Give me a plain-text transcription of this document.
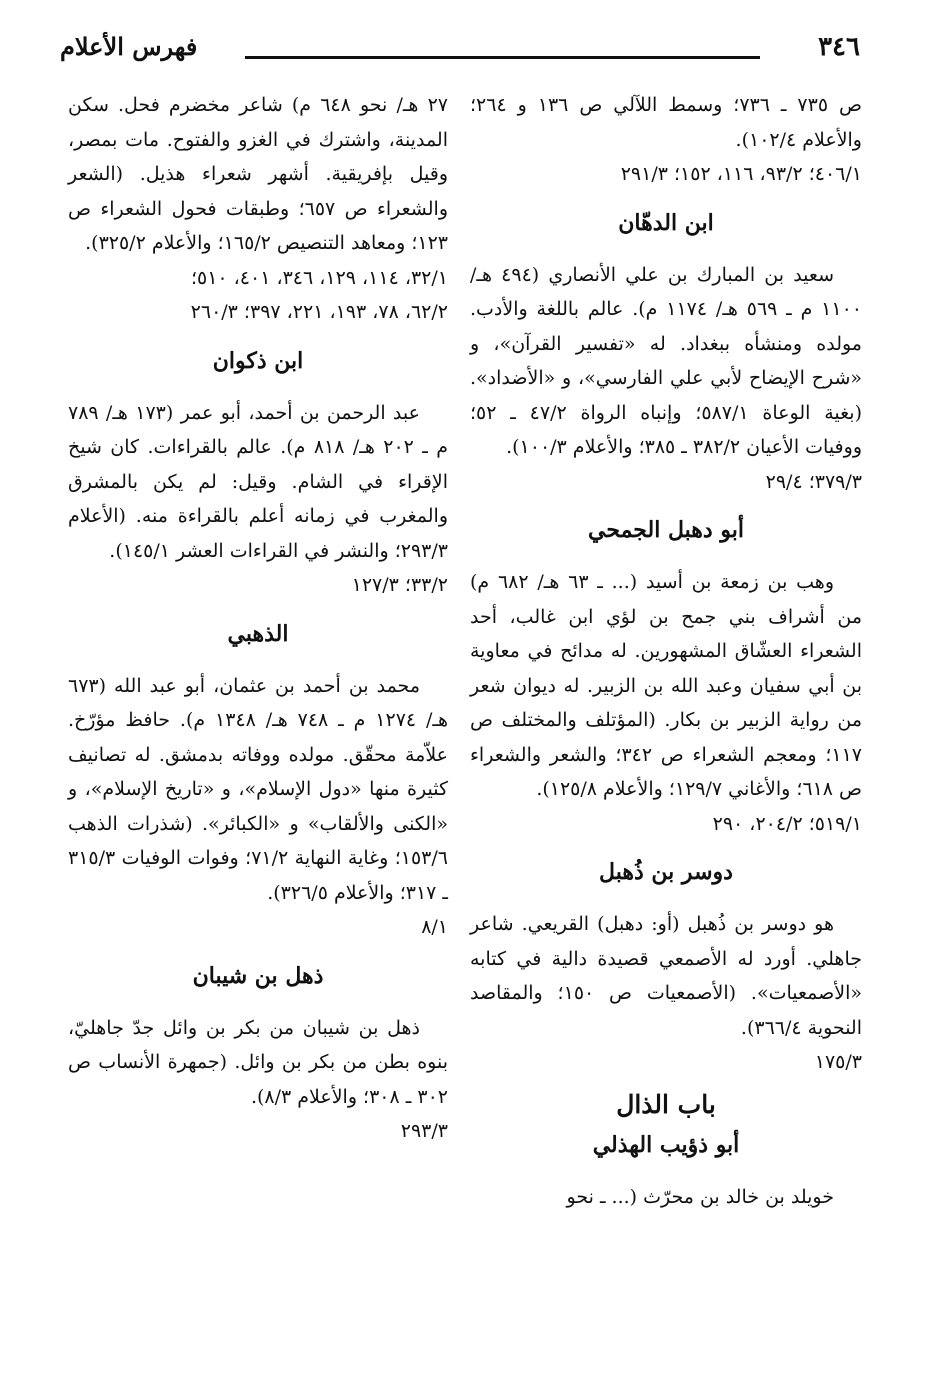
٣٤٦
فهرس الأعلام

ص ٧٣٥ ـ ٧٣٦؛ وسمط اللآلي ص ١٣٦ و ٢٦٤؛ والأعلام ١٠٢/٤).

٤٠٦/١؛ ٩٣/٢، ١١٦، ١٥٢؛ ٢٩١/٣

ابن الدهّان

سعيد بن المبارك بن علي الأنصاري (٤٩٤ هـ/ ١١٠٠ م ـ ٥٦٩ هـ/ ١١٧٤ م). عالم باللغة والأدب. مولده ومنشأه ببغداد. له «تفسير القرآن»، و «شرح الإيضاح لأبي علي الفارسي»، و «الأضداد». (بغية الوعاة ٥٨٧/١؛ وإنباه الرواة ٤٧/٢ ـ ٥٢؛ ووفيات الأعيان ٣٨٢/٢ ـ ٣٨٥؛ والأعلام ١٠٠/٣).

٣٧٩/٣؛ ٢٩/٤

أبو دهبل الجمحي

وهب بن زمعة بن أسيد (... ـ ٦٣ هـ/ ٦٨٢ م) من أشراف بني جمح بن لؤي ابن غالب، أحد الشعراء العشّاق المشهورين. له مدائح في معاوية بن أبي سفيان وعبد الله بن الزبير. له ديوان شعر من رواية الزبير بن بكار. (المؤتلف والمختلف ص ١١٧؛ ومعجم الشعراء ص ٣٤٢؛ والشعر والشعراء ص ٦١٨؛ والأغاني ١٢٩/٧؛ والأعلام ١٢٥/٨).

٥١٩/١؛ ٢٠٤/٢، ٢٩٠

دوسر بن ذُهبل

هو دوسر بن ذُهبل (أو: دهبل) القريعي. شاعر جاهلي. أورد له الأصمعي قصيدة دالية في كتابه «الأصمعيات». (الأصمعيات ص ١٥٠؛ والمقاصد النحوية ٣٦٦/٤).

١٧٥/٣

باب الذال
أبو ذؤيب الهذلي

خويلد بن خالد بن محرّث (... ـ نحو

٢٧ هـ/ نحو ٦٤٨ م) شاعر مخضرم فحل. سكن المدينة، واشترك في الغزو والفتوح. مات بمصر، وقيل بإفريقية. أشهر شعراء هذيل. (الشعر والشعراء ص ٦٥٧؛ وطبقات فحول الشعراء ص ١٢٣؛ ومعاهد التنصيص ١٦٥/٢؛ والأعلام ٣٢٥/٢).

٣٢/١، ١١٤، ١٢٩، ٣٤٦، ٤٠١، ٥١٠؛

٦٢/٢، ٧٨، ١٩٣، ٢٢١، ٣٩٧؛ ٢٦٠/٣

ابن ذكوان

عبد الرحمن بن أحمد، أبو عمر (١٧٣ هـ/ ٧٨٩ م ـ ٢٠٢ هـ/ ٨١٨ م). عالم بالقراءات. كان شيخ الإقراء في الشام. وقيل: لم يكن بالمشرق والمغرب في زمانه أعلم بالقراءة منه. (الأعلام ٢٩٣/٣؛ والنشر في القراءات العشر ١٤٥/١).

٣٣/٢؛ ١٢٧/٣

الذهبي

محمد بن أحمد بن عثمان، أبو عبد الله (٦٧٣ هـ/ ١٢٧٤ م ـ ٧٤٨ هـ/ ١٣٤٨ م). حافظ مؤرّخ. علاّمة محقّق. مولده ووفاته بدمشق. له تصانيف كثيرة منها «دول الإسلام»، و «تاريخ الإسلام»، و «الكنى والألقاب» و «الكبائر». (شذرات الذهب ١٥٣/٦؛ وغاية النهاية ٧١/٢؛ وفوات الوفيات ٣١٥/٣ ـ ٣١٧؛ والأعلام ٣٢٦/٥).

٨/١

ذهل بن شيبان

ذهل بن شيبان من بكر بن وائل جدّ جاهليّ، بنوه بطن من بكر بن وائل. (جمهرة الأنساب ص ٣٠٢ ـ ٣٠٨؛ والأعلام ٨/٣).

٢٩٣/٣
